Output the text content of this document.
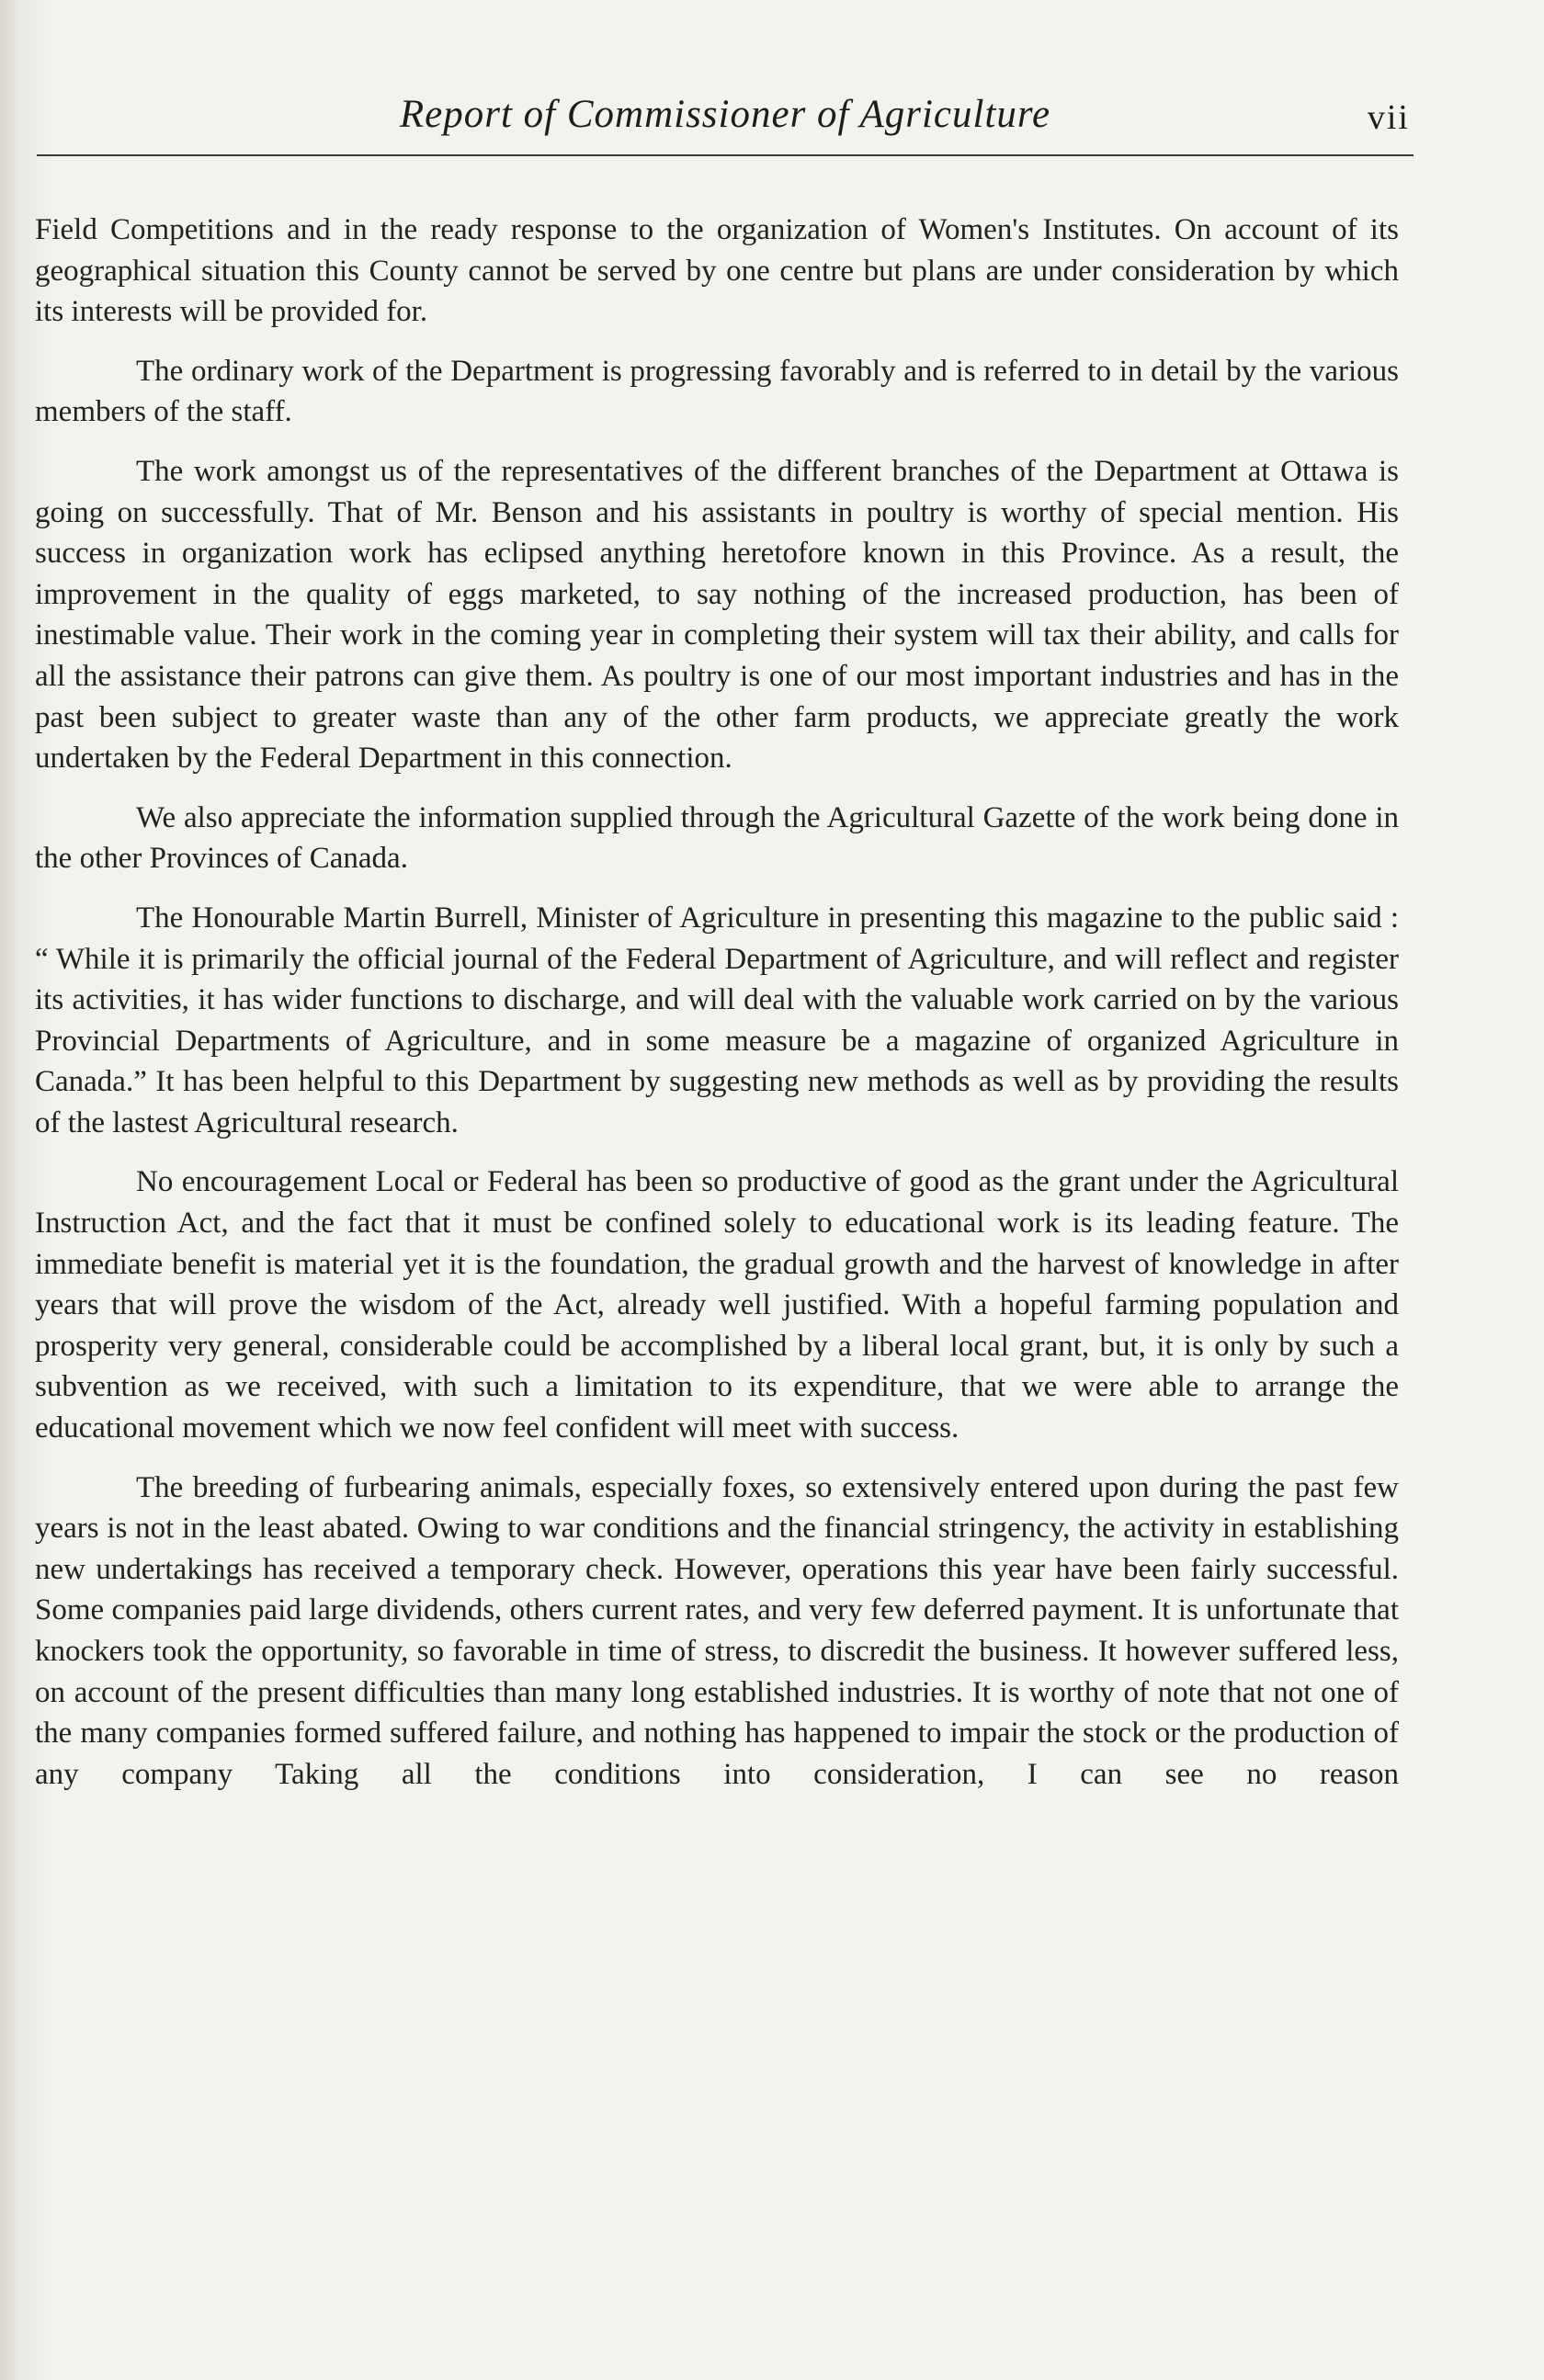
Report of Commissioner of Agriculture	vii

Field Competitions and in the ready response to the organization of Women's Institutes. On account of its geographical situation this County cannot be served by one centre but plans are under consideration by which its interests will be provided for.

The ordinary work of the Department is progressing favorably and is referred to in detail by the various members of the staff.

The work amongst us of the representatives of the different branches of the Department at Ottawa is going on successfully. That of Mr. Benson and his assistants in poultry is worthy of special mention. His success in organization work has eclipsed anything heretofore known in this Province. As a result, the improvement in the quality of eggs marketed, to say nothing of the increased production, has been of inestimable value. Their work in the coming year in completing their system will tax their ability, and calls for all the assistance their patrons can give them. As poultry is one of our most important industries and has in the past been subject to greater waste than any of the other farm products, we appreciate greatly the work undertaken by the Federal Department in this connection.

We also appreciate the information supplied through the Agricultural Gazette of the work being done in the other Provinces of Canada.

The Honourable Martin Burrell, Minister of Agriculture in presenting this magazine to the public said : “ While it is primarily the official journal of the Federal Department of Agriculture, and will reflect and register its activities, it has wider functions to discharge, and will deal with the valuable work carried on by the various Provincial Departments of Agriculture, and in some measure be a magazine of organized Agriculture in Canada.” It has been helpful to this Department by suggesting new methods as well as by providing the results of the lastest Agricultural research.

No encouragement Local or Federal has been so productive of good as the grant under the Agricultural Instruction Act, and the fact that it must be confined solely to educational work is its leading feature. The immediate benefit is material yet it is the foundation, the gradual growth and the harvest of knowledge in after years that will prove the wisdom of the Act, already well justified. With a hopeful farming population and prosperity very general, considerable could be accomplished by a liberal local grant, but, it is only by such a subvention as we received, with such a limitation to its expenditure, that we were able to arrange the educational movement which we now feel confident will meet with success.

The breeding of furbearing animals, especially foxes, so extensively entered upon during the past few years is not in the least abated. Owing to war conditions and the financial stringency, the activity in establishing new undertakings has received a temporary check. However, operations this year have been fairly successful. Some companies paid large dividends, others current rates, and very few deferred payment. It is unfortunate that knockers took the opportunity, so favorable in time of stress, to discredit the business. It however suffered less, on account of the present difficulties than many long established industries. It is worthy of note that not one of the many companies formed suffered failure, and nothing has happened to impair the stock or the production of any company Taking all the conditions into consideration, I can see no reason
